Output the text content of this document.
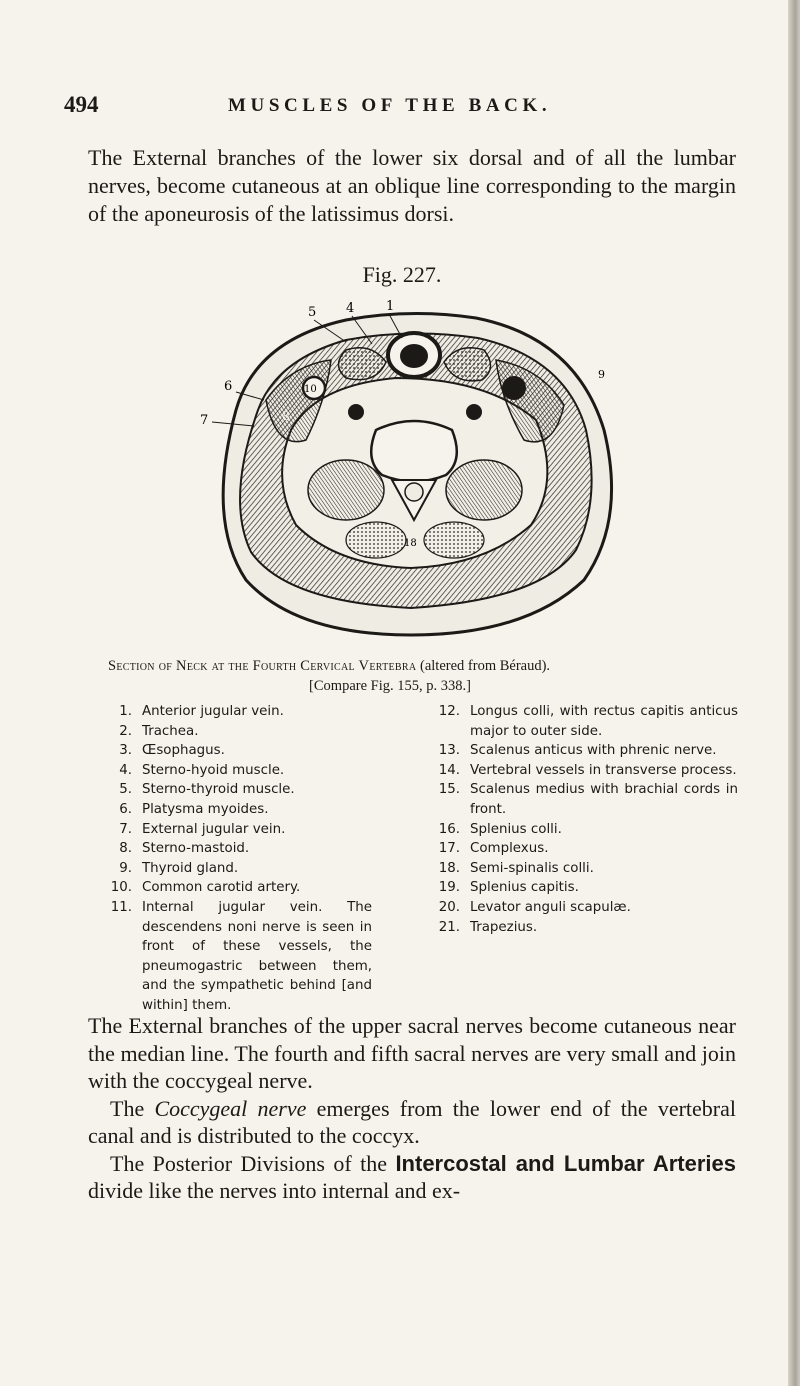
494	MUSCLES OF THE BACK.

The External branches of the lower six dorsal and of all the lumbar nerves, become cutaneous at an oblique line corresponding to the margin of the aponeurosis of the latissimus dorsi.

Fig. 227.
5 4 1
6
7
10
8
9
18
Section of Neck at the Fourth Cervical Vertebra (altered from Béraud).
[Compare Fig. 155, p. 338.]
1. Anterior jugular vein.
2. Trachea.
3. Œsophagus.
4. Sterno-hyoid muscle.
5. Sterno-thyroid muscle.
6. Platysma myoides.
7. External jugular vein.
8. Sterno-mastoid.
9. Thyroid gland.
10. Common carotid artery.
11. Internal jugular vein. The descendens noni nerve is seen in front of these vessels, the pneumogastric between them, and the sympathetic behind [and within] them.
12. Longus colli, with rectus capitis anticus major to outer side.
13. Scalenus anticus with phrenic nerve.
14. Vertebral vessels in transverse process.
15. Scalenus medius with brachial cords in front.
16. Splenius colli.
17. Complexus.
18. Semi-spinalis colli.
19. Splenius capitis.
20. Levator anguli scapulæ.
21. Trapezius.

The External branches of the upper sacral nerves become cutaneous near the median line. The fourth and fifth sacral nerves are very small and join with the coccygeal nerve.

The Coccygeal nerve emerges from the lower end of the vertebral canal and is distributed to the coccyx.

The Posterior Divisions of the Intercostal and Lumbar Arteries divide like the nerves into internal and ex-
